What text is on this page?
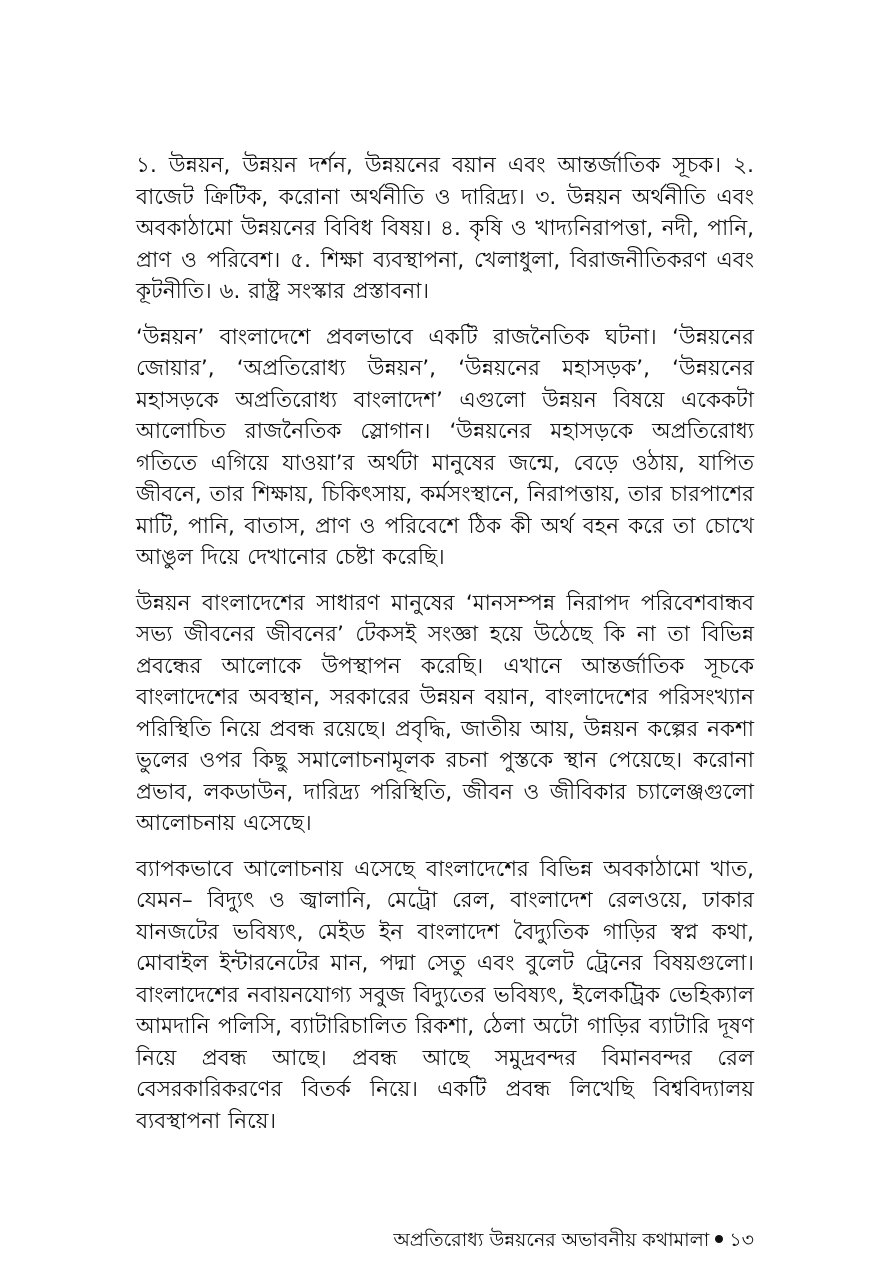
১. উন্নয়ন, উন্নয়ন দর্শন, উন্নয়নের বয়ান এবং আন্তর্জাতিক সূচক। ২. বাজেট ক্রিটিক, করোনা অর্থনীতি ও দারিদ্র্য। ৩. উন্নয়ন অর্থনীতি এবং অবকাঠামো উন্নয়নের বিবিধ বিষয়। ৪. কৃষি ও খাদ্যনিরাপত্তা, নদী, পানি, প্রাণ ও পরিবেশ। ৫. শিক্ষা ব্যবস্থাপনা, খেলাধুলা, বিরাজনীতিকরণ এবং কূটনীতি। ৬. রাষ্ট্র সংস্কার প্রস্তাবনা।

‘উন্নয়ন’ বাংলাদেশে প্রবলভাবে একটি রাজনৈতিক ঘটনা। ‘উন্নয়নের জোয়ার’, ‘অপ্রতিরোধ্য উন্নয়ন’, ‘উন্নয়নের মহাসড়ক’, ‘উন্নয়নের মহাসড়কে অপ্রতিরোধ্য বাংলাদেশ’ এগুলো উন্নয়ন বিষয়ে একেকটা আলোচিত রাজনৈতিক স্লোগান। ‘উন্নয়নের মহাসড়কে অপ্রতিরোধ্য গতিতে এগিয়ে যাওয়া’র অর্থটা মানুষের জন্মে, বেড়ে ওঠায়, যাপিত জীবনে, তার শিক্ষায়, চিকিৎসায়, কর্মসংস্থানে, নিরাপত্তায়, তার চারপাশের মাটি, পানি, বাতাস, প্রাণ ও পরিবেশে ঠিক কী অর্থ বহন করে তা চোখে আঙুল দিয়ে দেখানোর চেষ্টা করেছি।

উন্নয়ন বাংলাদেশের সাধারণ মানুষের ‘মানসম্পন্ন নিরাপদ পরিবেশবান্ধব সভ্য জীবনের জীবনের’ টেকসই সংজ্ঞা হয়ে উঠেছে কি না তা বিভিন্ন প্রবন্ধের আলোকে উপস্থাপন করেছি। এখানে আন্তর্জাতিক সূচকে বাংলাদেশের অবস্থান, সরকারের উন্নয়ন বয়ান, বাংলাদেশের পরিসংখ্যান পরিস্থিতি নিয়ে প্রবন্ধ রয়েছে। প্রবৃদ্ধি, জাতীয় আয়, উন্নয়ন কল্পের নকশা ভুলের ওপর কিছু সমালোচনামূলক রচনা পুস্তকে স্থান পেয়েছে। করোনা প্রভাব, লকডাউন, দারিদ্র্য পরিস্থিতি, জীবন ও জীবিকার চ্যালেঞ্জগুলো আলোচনায় এসেছে।

ব্যাপকভাবে আলোচনায় এসেছে বাংলাদেশের বিভিন্ন অবকাঠামো খাত, যেমন– বিদ্যুৎ ও জ্বালানি, মেট্রো রেল, বাংলাদেশ রেলওয়ে, ঢাকার যানজটের ভবিষ্যৎ, মেইড ইন বাংলাদেশ বৈদ্যুতিক গাড়ির স্বপ্ন কথা, মোবাইল ইন্টারনেটের মান, পদ্মা সেতু এবং বুলেট ট্রেনের বিষয়গুলো। বাংলাদেশের নবায়নযোগ্য সবুজ বিদ্যুতের ভবিষ্যৎ, ইলেকট্রিক ভেহিক্যাল আমদানি পলিসি, ব্যাটারিচালিত রিকশা, ঠেলা অটো গাড়ির ব্যাটারি দূষণ নিয়ে প্রবন্ধ আছে। প্রবন্ধ আছে সমুদ্রবন্দর বিমানবন্দর রেল বেসরকারিকরণের বিতর্ক নিয়ে। একটি প্রবন্ধ লিখেছি বিশ্ববিদ্যালয় ব্যবস্থাপনা নিয়ে।

অপ্রতিরোধ্য উন্নয়নের অভাবনীয় কথামালা ১৩
